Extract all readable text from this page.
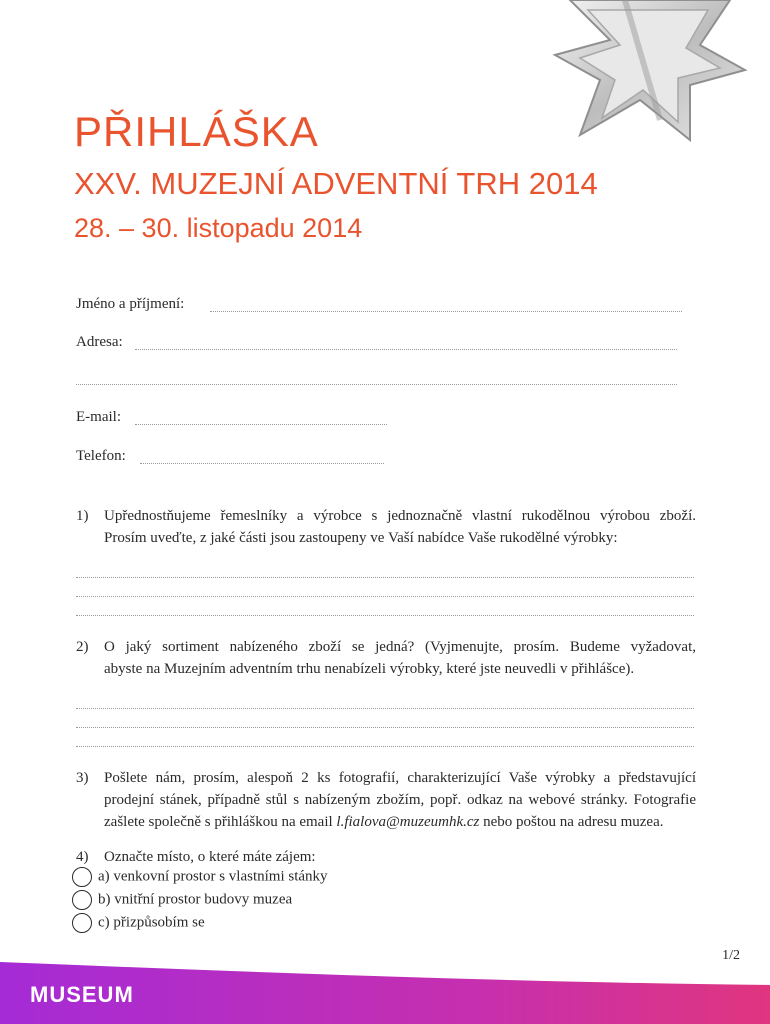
PŘIHLÁŠKA
XXV. MUZEJNÍ ADVENTNÍ TRH 2014
28. – 30. listopadu 2014
Jméno a příjmení:
Adresa:
E-mail:
Telefon:
1) Upřednostňujeme řemeslníky a výrobce s jednoznačně vlastní rukodělnou výrobou zboží.
Prosím uveďte, z jaké části jsou zastoupeny ve Vaší nabídce Vaše rukodělné výrobky:
2) O jaký sortiment nabízeného zboží se jedná? (Vyjmenujte, prosím. Budeme vyžadovat,
abyste na Muzejním adventním trhu nenabízeli výrobky, které jste neuvedli v přihlášce).
3) Pošlete nám, prosím, alespoň 2 ks fotografií, charakterizující Vaše výrobky a představující
prodejní stánek, případně stůl s nabízeným zbožím, popř. odkaz na webové stránky. Fotografie
zašlete společně s přihláškou na email l.fialova@muzeumhk.cz nebo poštou na adresu muzea.
4) Označte místo, o které máte zájem:
a) venkovní prostor s vlastními stánky
b) vnitřní prostor budovy muzea
c) přizpůsobím se
1/2
MUSEUM
